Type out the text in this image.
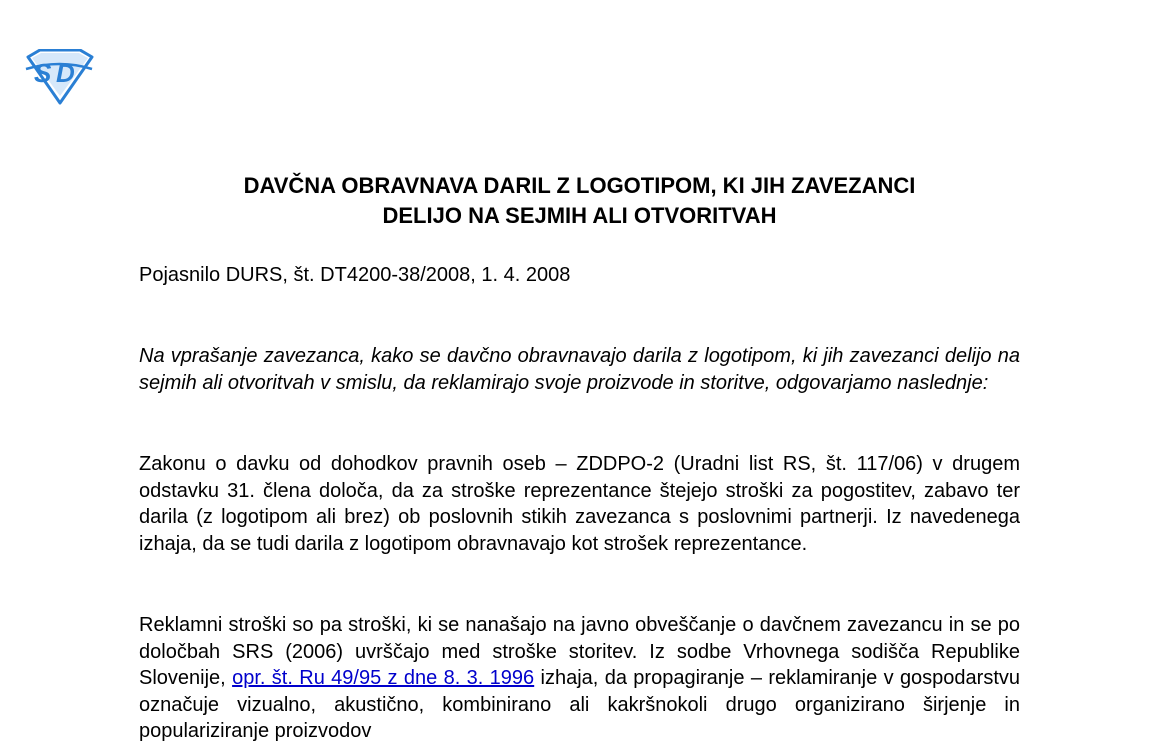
S D
DAVČNA OBRAVNAVA DARIL Z LOGOTIPOM, KI JIH ZAVEZANCI
DELIJO NA SEJMIH ALI OTVORITVAH
Pojasnilo DURS, št. DT4200-38/2008, 1. 4. 2008

Na vprašanje zavezanca, kako se davčno obravnavajo darila z logotipom, ki jih zavezanci delijo na sejmih ali otvoritvah v smislu, da reklamirajo svoje proizvode in storitve, odgovarjamo naslednje:

Zakonu o davku od dohodkov pravnih oseb – ZDDPO-2 (Uradni list RS, št. 117/06) v drugem odstavku 31. člena določa, da za stroške reprezentance štejejo stroški za pogostitev, zabavo ter darila (z logotipom ali brez) ob poslovnih stikih zavezanca s poslovnimi partnerji. Iz navedenega izhaja, da se tudi darila z logotipom obravnavajo kot strošek reprezentance.

Reklamni stroški so pa stroški, ki se nanašajo na javno obveščanje o davčnem zavezancu in se po določbah SRS (2006) uvrščajo med stroške storitev. Iz sodbe Vrhovnega sodišča Republike Slovenije, opr. št. Ru 49/95 z dne 8. 3. 1996 izhaja, da propagiranje – reklamiranje v gospodarstvu označuje vizualno, akustično, kombinirano ali kakršnokoli drugo organizirano širjenje in populariziranje proizvodov
